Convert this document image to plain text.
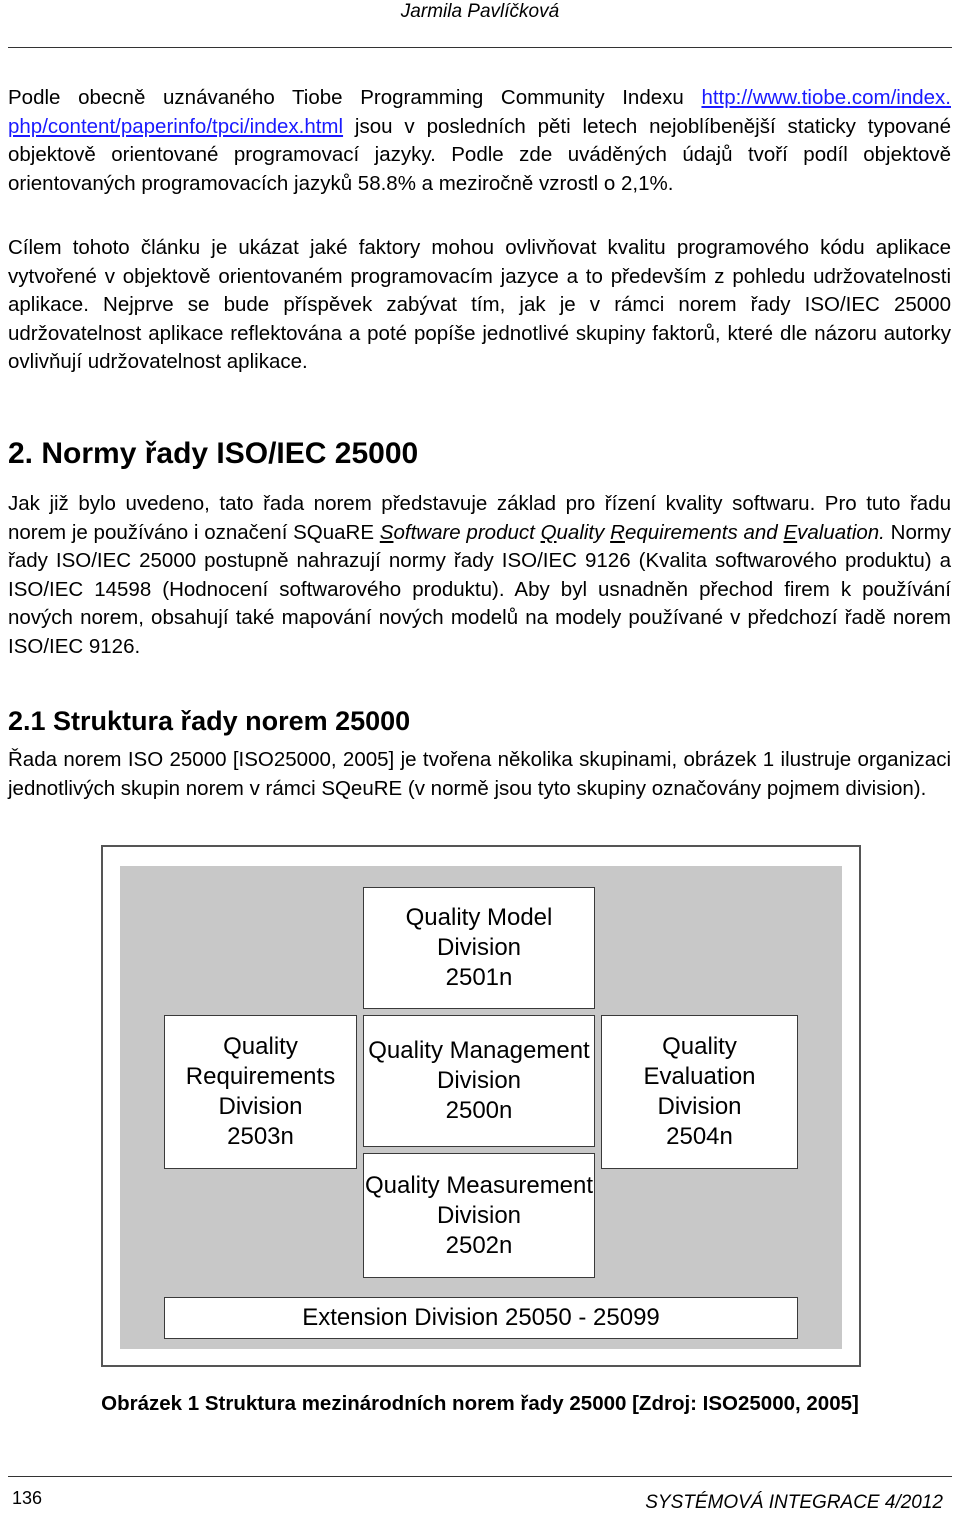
Jarmila Pavlíčková

Podle obecně uznávaného Tiobe Programming Community Indexu http://www.tiobe.com/index. php/content/paperinfo/tpci/index.html jsou v posledních pěti letech nejoblíbenější staticky typované objektově orientované programovací jazyky. Podle zde uváděných údajů tvoří podíl objektově orientovaných programovacích jazyků 58.8% a meziročně vzrostl o 2,1%.

Cílem tohoto článku je ukázat jaké faktory mohou ovlivňovat kvalitu programového kódu aplikace vytvořené v objektově orientovaném programovacím jazyce a to především z pohledu udržovatelnosti aplikace. Nejprve se bude příspěvek zabývat tím, jak je v rámci norem řady ISO/IEC 25000 udržovatelnost aplikace reflektována a poté popíše jednotlivé skupiny faktorů, které dle názoru autorky ovlivňují udržovatelnost aplikace.

2. Normy řady ISO/IEC 25000

Jak již bylo uvedeno, tato řada norem představuje základ pro řízení kvality softwaru. Pro tuto řadu norem je používáno i označení SQuaRE Software product Quality Requirements and Evaluation. Normy řady ISO/IEC 25000 postupně nahrazují normy řady ISO/IEC 9126 (Kvalita softwarového produktu) a ISO/IEC 14598 (Hodnocení softwarového produktu). Aby byl usnadněn přechod firem k používání nových norem, obsahují také mapování nových modelů na modely používané v předchozí řadě norem ISO/IEC 9126.

2.1 Struktura řady norem 25000

Řada norem ISO 25000 [ISO25000, 2005] je tvořena několika skupinami, obrázek 1 ilustruje organizaci jednotlivých skupin norem v rámci SQeuRE (v normě jsou tyto skupiny označovány pojmem division).

Quality Model
Division
2501n
Quality
Requirements
Division
2503n
Quality Management
Division
2500n
Quality
Evaluation
Division
2504n
Quality Measurement
Division
2502n
Extension Division 25050 - 25099
Obrázek 1 Struktura mezinárodních norem řady 25000 [Zdroj: ISO25000, 2005]
136	SYSTÉMOVÁ INTEGRACE 4/2012
